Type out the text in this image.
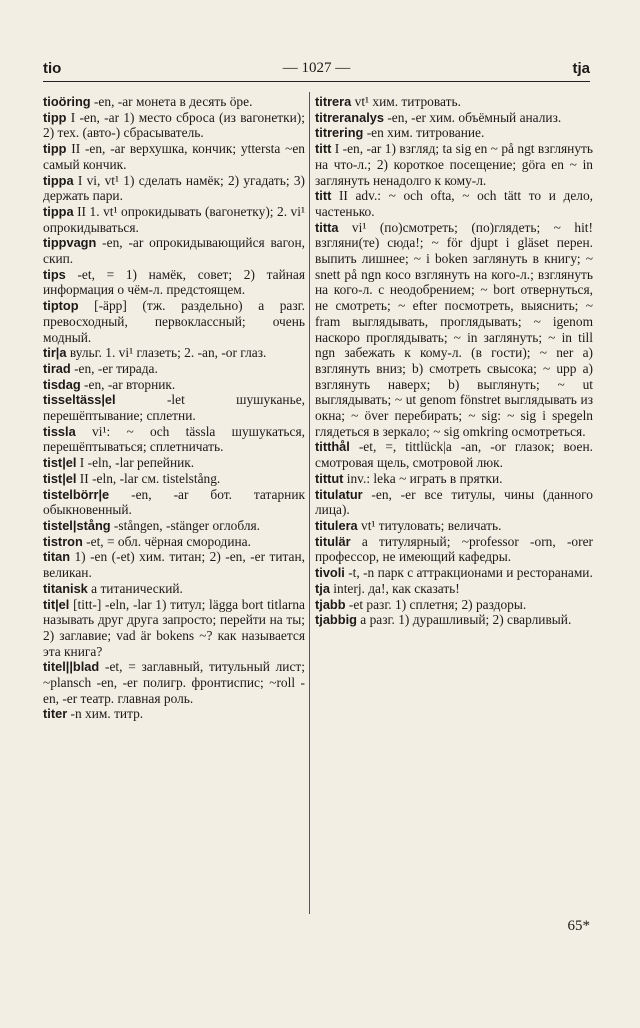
tio	— 1027 —	tja

tioöring -en, -ar монета в десять öре.

tipp I -en, -ar 1) место сброса (из вагонетки); 2) тех. (авто-) сбрасыватель.

tipp II -en, -ar верхушка, кончик; yttersta ~en самый кончик.

tippa I vi, vt¹ 1) сделать намёк; 2) угадать; 3) держать пари.

tippa II 1. vt¹ опрокидывать (вагонетку); 2. vi¹ опрокидываться.

tippvagn -en, -ar опрокидывающийся вагон, скип.

tips -et, = 1) намёк, совет; 2) тайная информация о чём-л. предстоящем.

tiptop [-äpp] (тж. раздельно) а разг. превосходный, первоклассный; очень модный.

tir|a вульг. 1. vi¹ глазеть; 2. -an, -or глаз.

tirad -en, -er тирада.

tisdag -en, -ar вторник.

tisseltäss|el -let шушуканье, перешёптывание; сплетни.

tissla vi¹: ~ och tässla шушукаться, перешёптываться; сплетничать.

tist|el I -eln, -lar репейник.

tist|el II -eln, -lar см. tistelstång.

tistelbörr|e -en, -ar бот. татарник обыкновенный.

tistel|stång -stången, -stänger оглобля.

tistron -et, = обл. чёрная смородина.

titan 1) -en (-et) хим. титан; 2) -en, -er титан, великан.

titanisk а титанический.

tit|el [titt-] -eln, -lar 1) титул; lägga bort titlarna называть друг друга запросто; перейти на ты; 2) заглавие; vad är bokens ~? как называется эта книга?

titel||blad -et, = заглавный, титульный лист; ~plansch -en, -er полигр. фронтиспис; ~roll -en, -er театр. главная роль.

titer -n хим. титр.

titrera vt¹ хим. титровать.

titreranalys -en, -er хим. объёмный анализ.

titrering -en хим. титрование.

titt I -en, -ar 1) взгляд; ta sig en ~ på ngt взглянуть на что-л.; 2) короткое посещение; göra en ~ in заглянуть ненадолго к кому-л.

titt II adv.: ~ och ofta, ~ och tätt то и дело, частенько.

titta vi¹ (по)смотреть; (по)глядеть; ~ hit! взгляни(те) сюда!; ~ för djupt i gläset перен. выпить лишнее; ~ i boken заглянуть в книгу; ~ snett på ngn косо взглянуть на кого-л.; взглянуть на кого-л. с неодобрением; ~ bort отвернуться, не смотреть; ~ efter посмотреть, выяснить; ~ fram выглядывать, проглядывать; ~ igenom наскоро проглядывать; ~ in заглянуть; ~ in till ngn забежать к кому-л. (в гости); ~ ner а) взглянуть вниз; b) смотреть свысока; ~ upp а) взглянуть наверх; b) выглянуть; ~ ut выглядывать; ~ ut genom fönstret выглядывать из окна; ~ över перебирать; ~ sig: ~ sig i spegeln глядеться в зеркало; ~ sig omkring осмотреться.

titthål -et, =, tittlück|a -an, -or глазок; воен. смотровая щель, смотровой люк.

tittut inv.: leka ~ играть в прятки.

titulatur -en, -er все титулы, чины (данного лица).

titulera vt¹ титуловать; величать.

titulär а титулярный; ~professor -orn, -orer профессор, не имеющий кафедры.

tivoli -t, -n парк с аттракционами и ресторанами.

tja interj. да!, как сказать!

tjabb -et разг. 1) сплетня; 2) раздоры.

tjabbig а разг. 1) дурашливый; 2) сварливый.

65*
